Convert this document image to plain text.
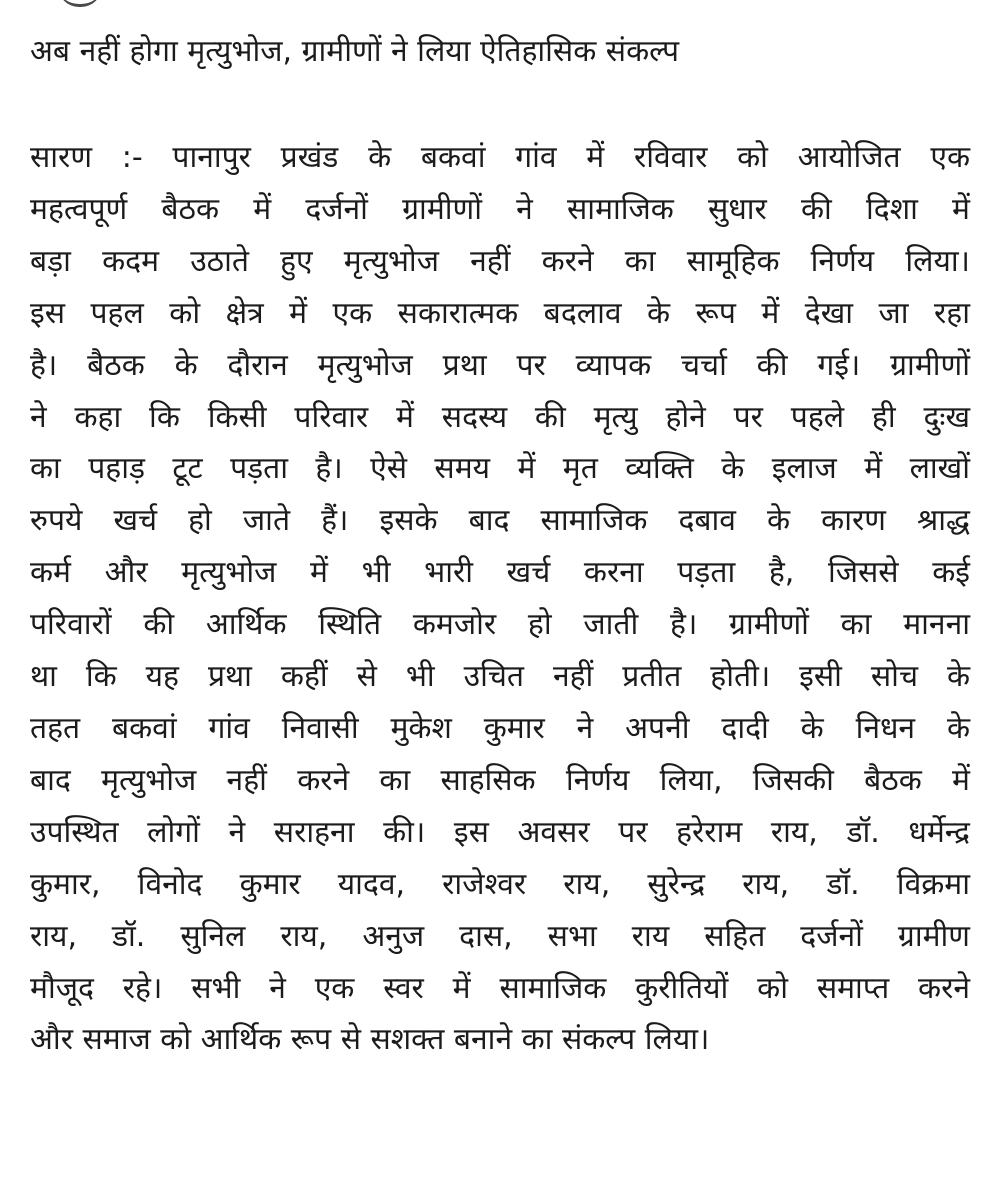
अब नहीं होगा मृत्युभोज, ग्रामीणों ने लिया ऐतिहासिक संकल्प
सारण :- पानापुर प्रखंड के बकवां गांव में रविवार को आयोजित एक
महत्वपूर्ण बैठक में दर्जनों ग्रामीणों ने सामाजिक सुधार की दिशा में
बड़ा कदम उठाते हुए मृत्युभोज नहीं करने का सामूहिक निर्णय लिया।
इस पहल को क्षेत्र में एक सकारात्मक बदलाव के रूप में देखा जा रहा
है। बैठक के दौरान मृत्युभोज प्रथा पर व्यापक चर्चा की गई। ग्रामीणों
ने कहा कि किसी परिवार में सदस्य की मृत्यु होने पर पहले ही दुःख
का पहाड़ टूट पड़ता है। ऐसे समय में मृत व्यक्ति के इलाज में लाखों
रुपये खर्च हो जाते हैं। इसके बाद सामाजिक दबाव के कारण श्राद्ध
कर्म और मृत्युभोज में भी भारी खर्च करना पड़ता है, जिससे कई
परिवारों की आर्थिक स्थिति कमजोर हो जाती है। ग्रामीणों का मानना
था कि यह प्रथा कहीं से भी उचित नहीं प्रतीत होती। इसी सोच के
तहत बकवां गांव निवासी मुकेश कुमार ने अपनी दादी के निधन के
बाद मृत्युभोज नहीं करने का साहसिक निर्णय लिया, जिसकी बैठक में
उपस्थित लोगों ने सराहना की। इस अवसर पर हरेराम राय, डॉ. धर्मेन्द्र
कुमार, विनोद कुमार यादव, राजेश्वर राय, सुरेन्द्र राय, डॉ. विक्रमा
राय, डॉ. सुनिल राय, अनुज दास, सभा राय सहित दर्जनों ग्रामीण
मौजूद रहे। सभी ने एक स्वर में सामाजिक कुरीतियों को समाप्त करने
और समाज को आर्थिक रूप से सशक्त बनाने का संकल्प लिया।
